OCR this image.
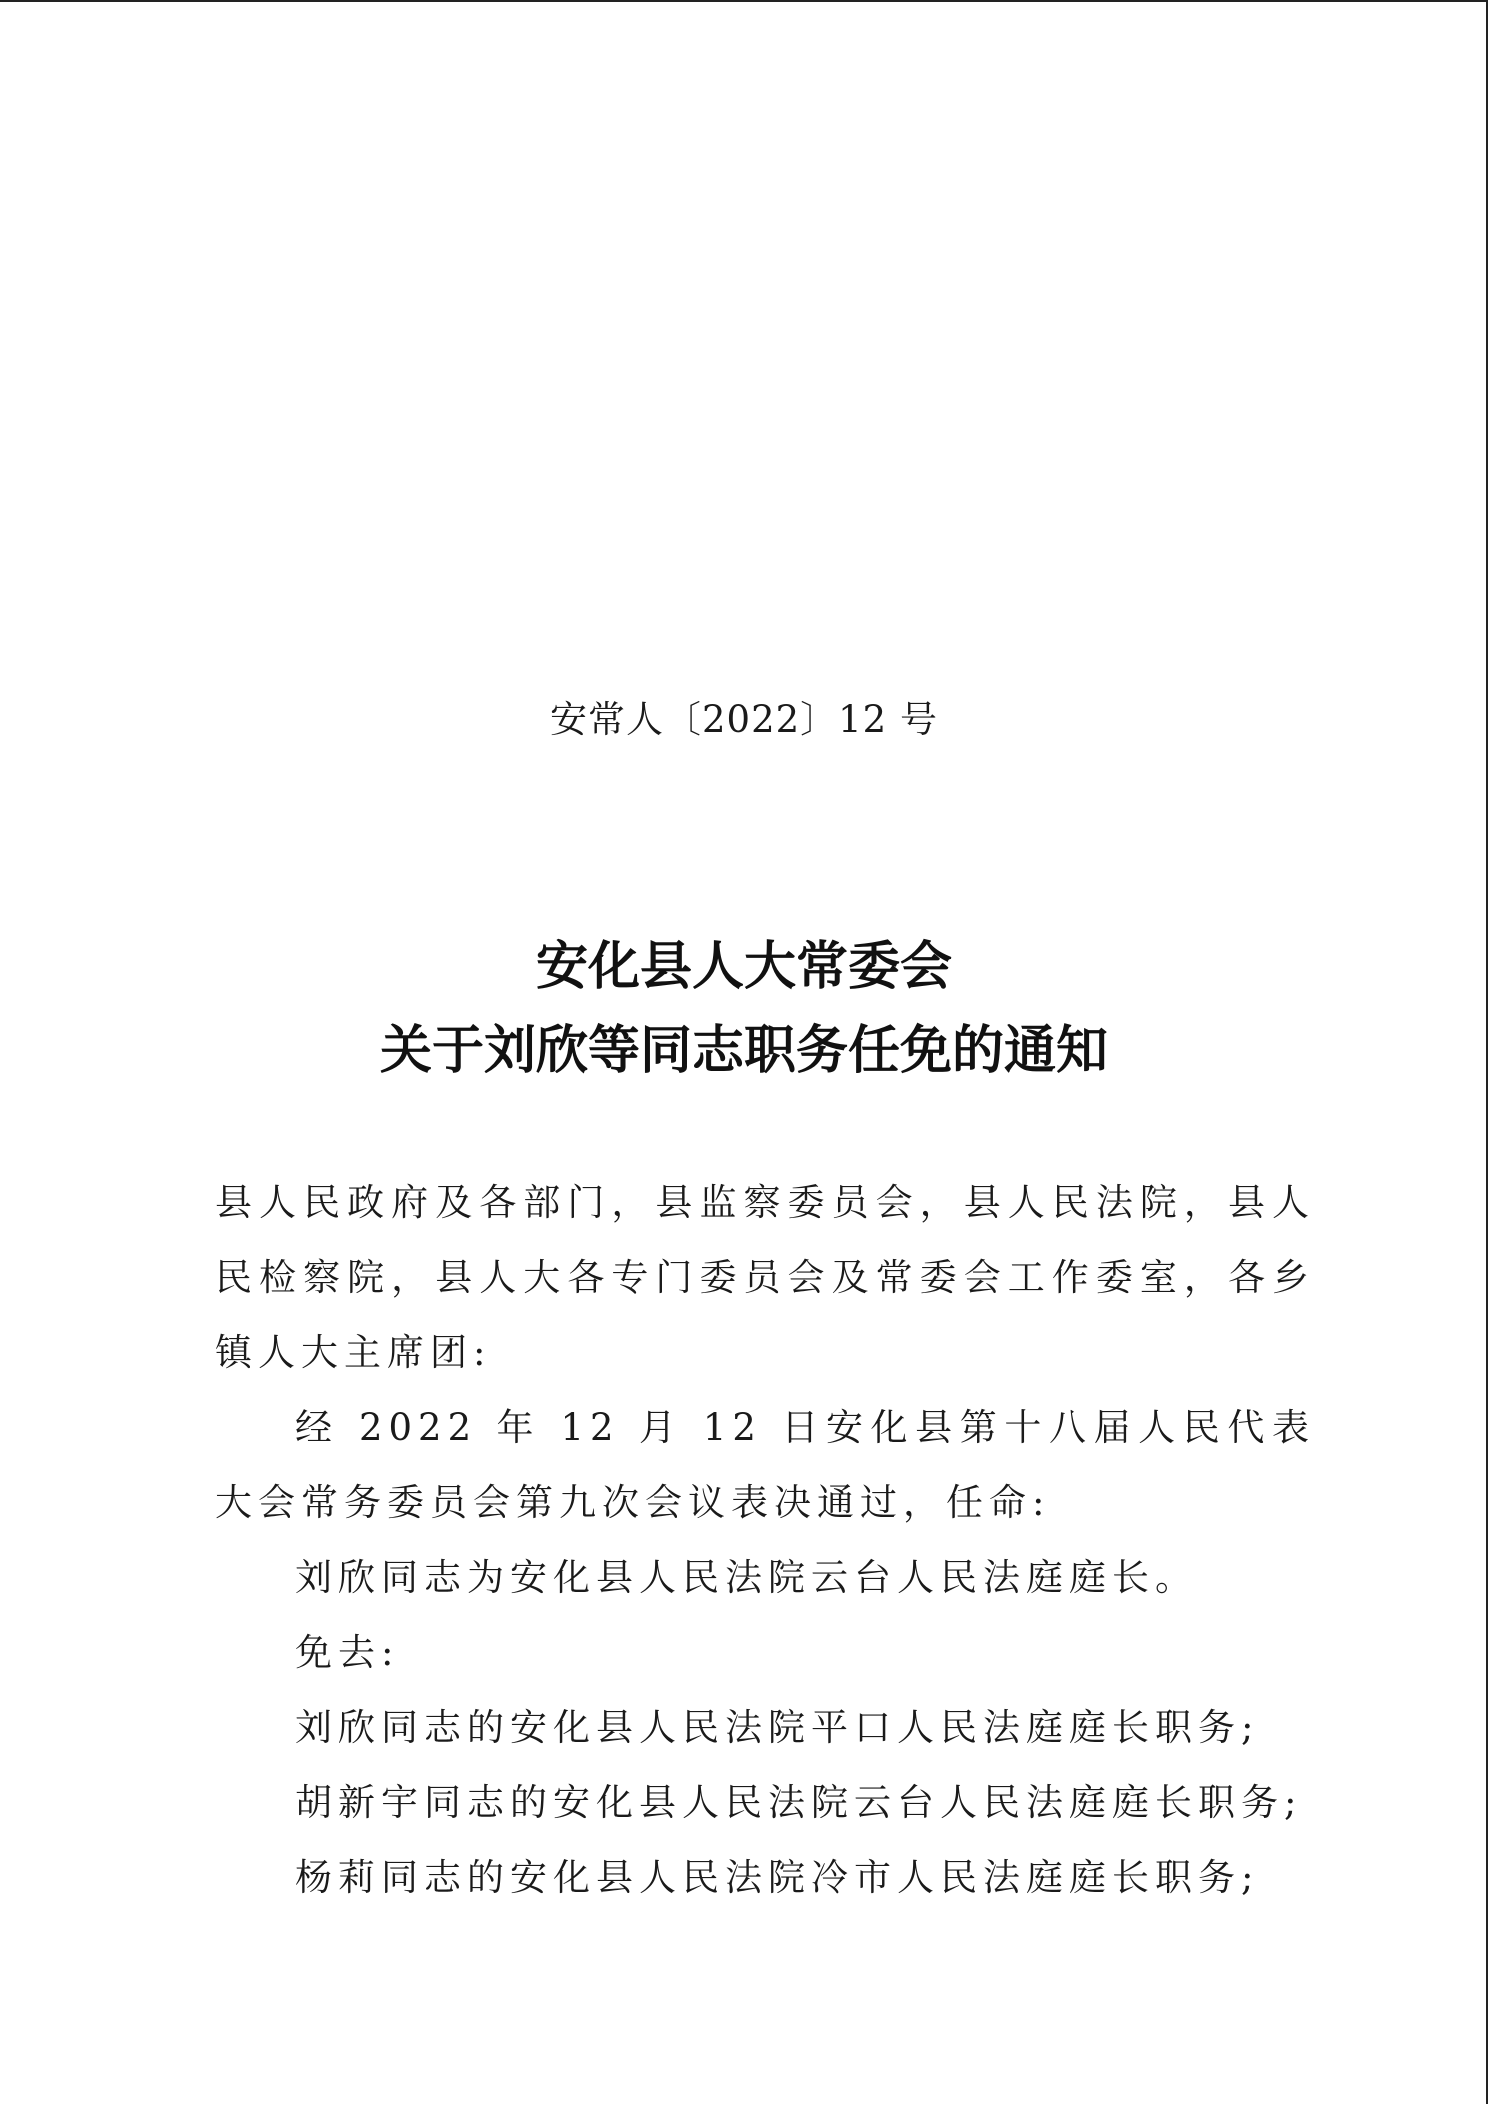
安常人〔2022〕12 号
安化县人大常委会
关于刘欣等同志职务任免的通知

县人民政府及各部门，县监察委员会，县人民法院，县人民检察院，县人大各专门委员会及常委会工作委室，各乡镇人大主席团:

经 2022 年 12 月 12 日安化县第十八届人民代表大会常务委员会第九次会议表决通过，任命:

刘欣同志为安化县人民法院云台人民法庭庭长。

免去:

刘欣同志的安化县人民法院平口人民法庭庭长职务;

胡新宇同志的安化县人民法院云台人民法庭庭长职务;

杨莉同志的安化县人民法院冷市人民法庭庭长职务;
